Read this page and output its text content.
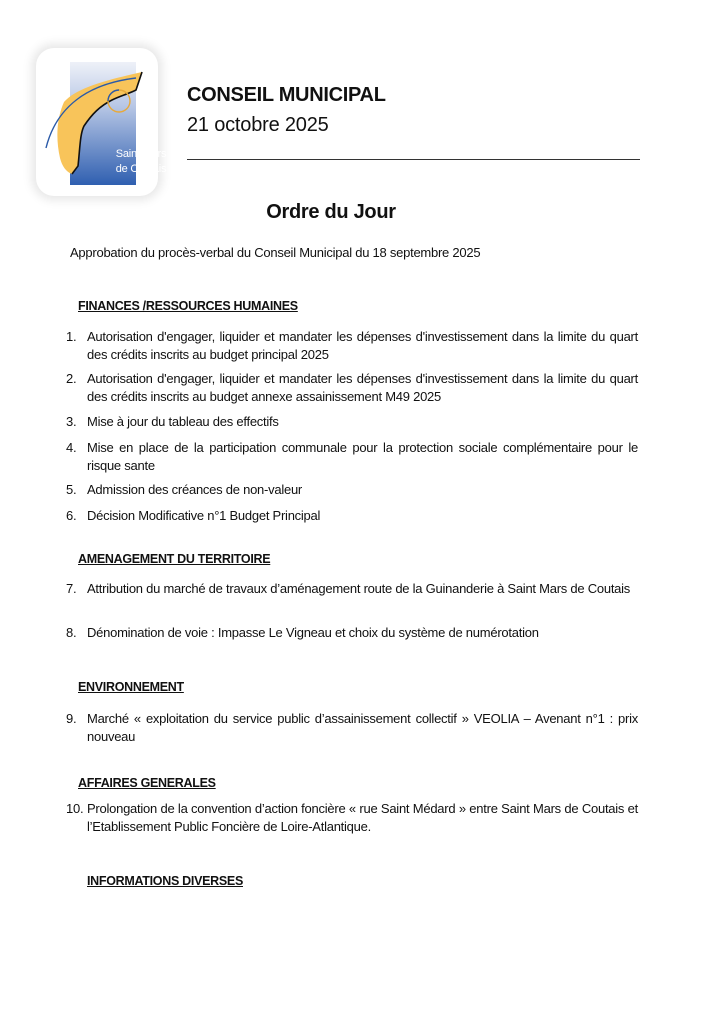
Saint Mars
de Coutais
CONSEIL MUNICIPAL
21 octobre 2025
Ordre du Jour
Approbation du procès-verbal du Conseil Municipal du 18 septembre 2025
FINANCES /RESSOURCES HUMAINES
1. Autorisation d'engager, liquider et mandater les dépenses d'investissement dans la limite du quart des crédits inscrits au budget principal 2025
2. Autorisation d'engager, liquider et mandater les dépenses d'investissement dans la limite du quart des crédits inscrits au budget annexe assainissement M49 2025
3. Mise à jour du tableau des effectifs
4. Mise en place de la participation communale pour la protection sociale complémentaire pour le risque sante
5. Admission des créances de non-valeur
6. Décision Modificative n°1 Budget Principal
AMENAGEMENT DU TERRITOIRE
7. Attribution du marché de travaux d’aménagement route de la Guinanderie à Saint Mars de Coutais
8. Dénomination de voie : Impasse Le Vigneau et choix du système de numérotation
ENVIRONNEMENT
9. Marché « exploitation du service public d’assainissement collectif » VEOLIA – Avenant n°1 : prix nouveau
AFFAIRES GENERALES
10. Prolongation de la convention d’action foncière « rue Saint Médard » entre Saint Mars de Coutais et l’Etablissement Public Foncière de Loire-Atlantique.
INFORMATIONS DIVERSES
